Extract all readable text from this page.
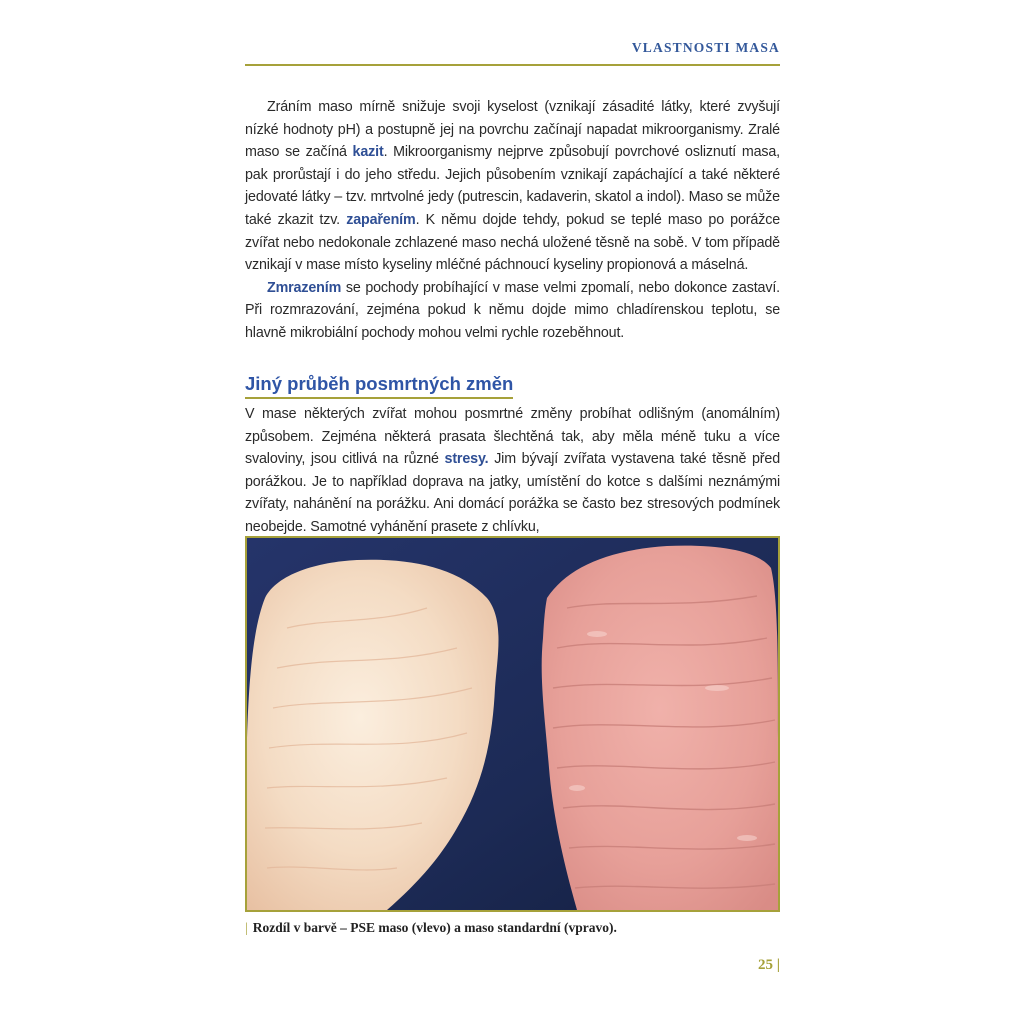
VLASTNOSTI MASA

Zráním maso mírně snižuje svoji kyselost (vznikají zásadité látky, které zvyšují nízké hodnoty pH) a postupně jej na povrchu začínají napadat mikroorganismy. Zralé maso se začíná kazit. Mikroorganismy nejprve způsobují povrchové osliznutí masa, pak prorůstají i do jeho středu. Jejich působením vznikají zapáchající a také některé jedovaté látky – tzv. mrtvolné jedy (putrescin, kadaverin, skatol a indol). Maso se může také zkazit tzv. zapařením. K němu dojde tehdy, pokud se teplé maso po porážce zvířat nebo nedokonale zchlazené maso nechá uložené těsně na sobě. V tom případě vznikají v mase místo kyseliny mléčné páchnoucí kyseliny propionová a máselná.

Zmrazením se pochody probíhající v mase velmi zpomalí, nebo dokonce zastaví. Při rozmrazování, zejména pokud k němu dojde mimo chladírenskou teplotu, se hlavně mikrobiální pochody mohou velmi rychle rozeběhnout.

Jiný průběh posmrtných změn

V mase některých zvířat mohou posmrtné změny probíhat odlišným (anomálním) způsobem. Zejména některá prasata šlechtěná tak, aby měla méně tuku a více svaloviny, jsou citlivá na různé stresy. Jim bývají zvířata vystavena také těsně před porážkou. Je to například doprava na jatky, umístění do kotce s dalšími neznámými zvířaty, nahánění na porážku. Ani domácí porážka se často bez stresových podmínek neobejde. Samotné vyhánění prasete z chlívku,

| Rozdíl v barvě – PSE maso (vlevo) a maso standardní (vpravo).
25 |
